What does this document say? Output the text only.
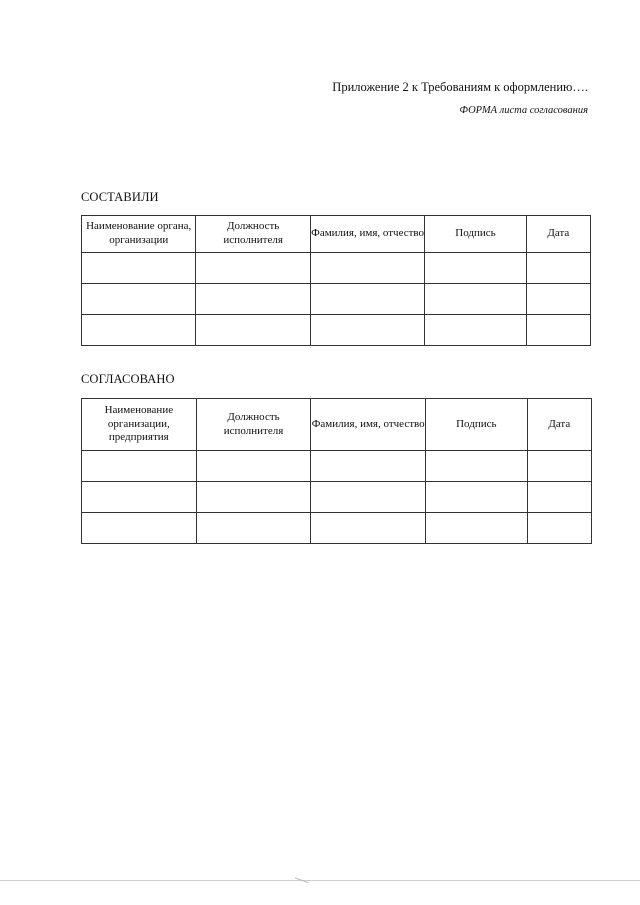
Приложение 2 к Требованиям к оформлению….
ФОРМА листа согласования
СОСТАВИЛИ
Наименование органа, организации	Должность исполнителя	Фамилия, имя, отчество	Подпись	Дата

СОГЛАСОВАНО
Наименование организации, предприятия	Должность исполнителя	Фамилия, имя, отчество	Подпись	Дата
